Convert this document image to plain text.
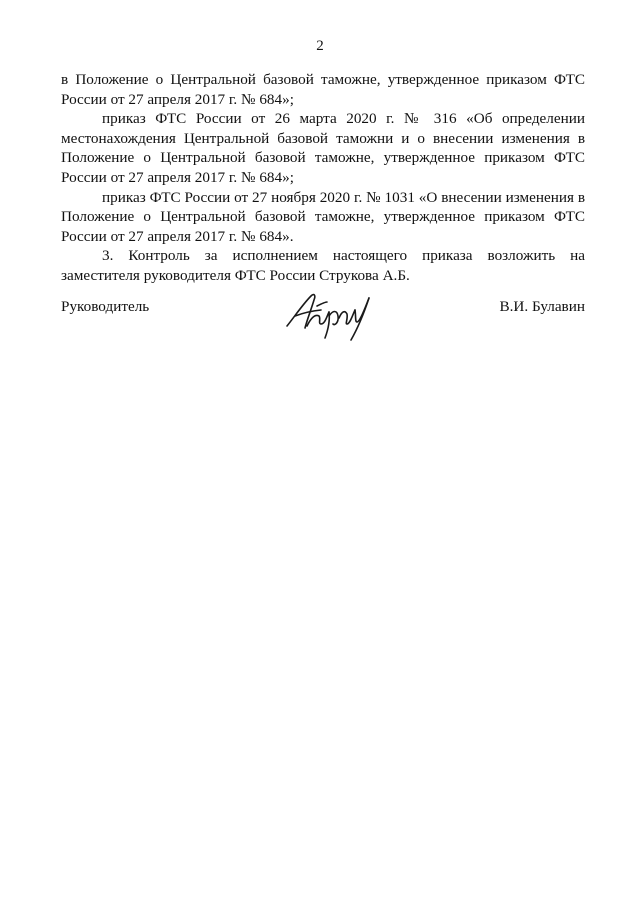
2

в Положение о Центральной базовой таможне, утвержденное приказом ФТС России от 27 апреля 2017 г. № 684»;

приказ ФТС России от 26 марта 2020 г. № 316 «Об определении местонахождения Центральной базовой таможни и о внесении изменения в Положение о Центральной базовой таможне, утвержденное приказом ФТС России от 27 апреля 2017 г. № 684»;

приказ ФТС России от 27 ноября 2020 г. № 1031 «О внесении изменения в Положение о Центральной базовой таможне, утвержденное приказом ФТС России от 27 апреля 2017 г. № 684».

3. Контроль за исполнением настоящего приказа возложить на заместителя руководителя ФТС России Струкова А.Б.

Руководитель	В.И. Булавин
